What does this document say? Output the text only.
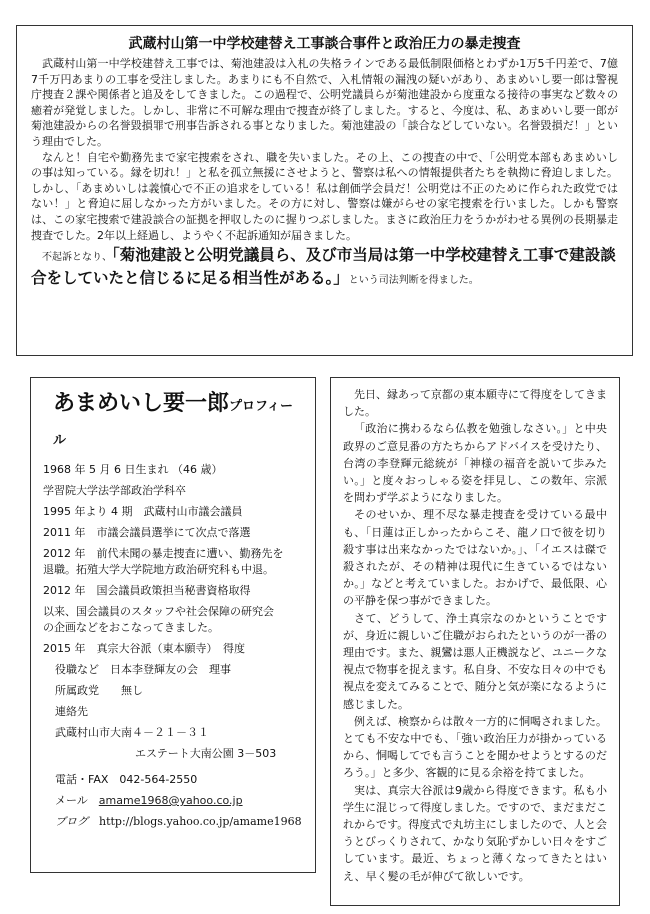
武蔵村山第一中学校建替え工事談合事件と政治圧力の暴走捜査

武蔵村山第一中学校建替え工事では、菊池建設は入札の失格ラインである最低制限価格とわずか1万5千円差で、7億7千万円あまりの工事を受注しました。あまりにも不自然で、入札情報の漏洩の疑いがあり、あまめいし要一郎は警視庁捜査２課や関係者と追及をしてきました。この過程で、公明党議員らが菊池建設から度重なる接待の事実など数々の癒着が発覚しました。しかし、非常に不可解な理由で捜査が終了しました。すると、今度は、私、あまめいし要一郎が菊池建設からの名誉毀損罪で刑事告訴される事となりました。菊池建設の「談合などしていない。名誉毀損だ！」という理由でした。

なんと！自宅や勤務先まで家宅捜索をされ、職を失いました。その上、この捜査の中で、「公明党本部もあまめいしの事は知っている。縁を切れ！」と私を孤立無援にさせようと、警察は私への情報提供者たちを執拗に脅迫しました。しかし、「あまめいしは義憤心で不正の追求をしている！私は創価学会員だ！公明党は不正のために作られた政党ではない！」と脅迫に屈しなかった方がいました。その方に対し、警察は嫌がらせの家宅捜索を行いました。しかも警察は、この家宅捜索で建設談合の証拠を押収したのに握りつぶしました。まさに政治圧力をうかがわせる異例の長期暴走捜査でした。2年以上経過し、ようやく不起訴通知が届きました。

不起訴となり、「菊池建設と公明党議員ら、及び市当局は第一中学校建替え工事で建設談合をしていたと信じるに足る相当性がある。」という司法判断を得ました。

あまめいし要一郎プロフィール

1968 年 5 月 6 日生まれ （46 歳）

学習院大学法学部政治学科卒

1995 年より 4 期　武蔵村山市議会議員

2011 年　市議会議員選挙にて次点で落選

2012 年　前代未聞の暴走捜査に遭い、勤務先を

退職。拓殖大学大学院地方政治研究科も中退。

2012 年　国会議員政策担当秘書資格取得

以来、国会議員のスタッフや社会保障の研究会

の企画などをおこなってきました。

2015 年　真宗大谷派（東本願寺）　得度

役職など　日本李登輝友の会　理事

所属政党　　無し

連絡先

武蔵村山市大南４－２１－３１

エステート大南公園 3－503

電話・FAX　042-564-2550

メール　 amame1968@yahoo.co.jp

ブログ　 http://blogs.yahoo.co.jp/amame1968

先日、縁あって京都の東本願寺にて得度をしてきました。

「政治に携わるなら仏教を勉強しなさい。」と中央政界のご意見番の方たちからアドバイスを受けたり、台湾の李登輝元総統が「神様の福音を説いて歩みたい。」と度々おっしゃる姿を拝見し、この数年、宗派を問わず学ぶようになりました。

そのせいか、理不尽な暴走捜査を受けている最中も、「日蓮は正しかったからこそ、龍ノ口で彼を切り殺す事は出来なかったではないか。」、「イエスは磔で殺されたが、その精神は現代に生きているではないか。」などと考えていました。おかげで、最低限、心の平静を保つ事ができました。

さて、どうして、浄土真宗なのかということですが、身近に親しいご住職がおられたというのが一番の理由です。また、親鸞は悪人正機説など、ユニークな視点で物事を捉えます。私自身、不安な日々の中でも視点を変えてみることで、随分と気が楽になるように感じました。

例えば、検察からは散々一方的に恫喝されました。とても不安な中でも、「強い政治圧力が掛かっているから、恫喝してでも言うことを聞かせようとするのだろう。」と多少、客観的に見る余裕を持てました。

実は、真宗大谷派は9歳から得度できます。私も小学生に混じって得度しました。ですので、まだまだこれからです。得度式で丸坊主にしましたので、人と会うとびっくりされて、かなり気恥ずかしい日々をすごしています。最近、ちょっと薄くなってきたとはいえ、早く髪の毛が伸びて欲しいです。
